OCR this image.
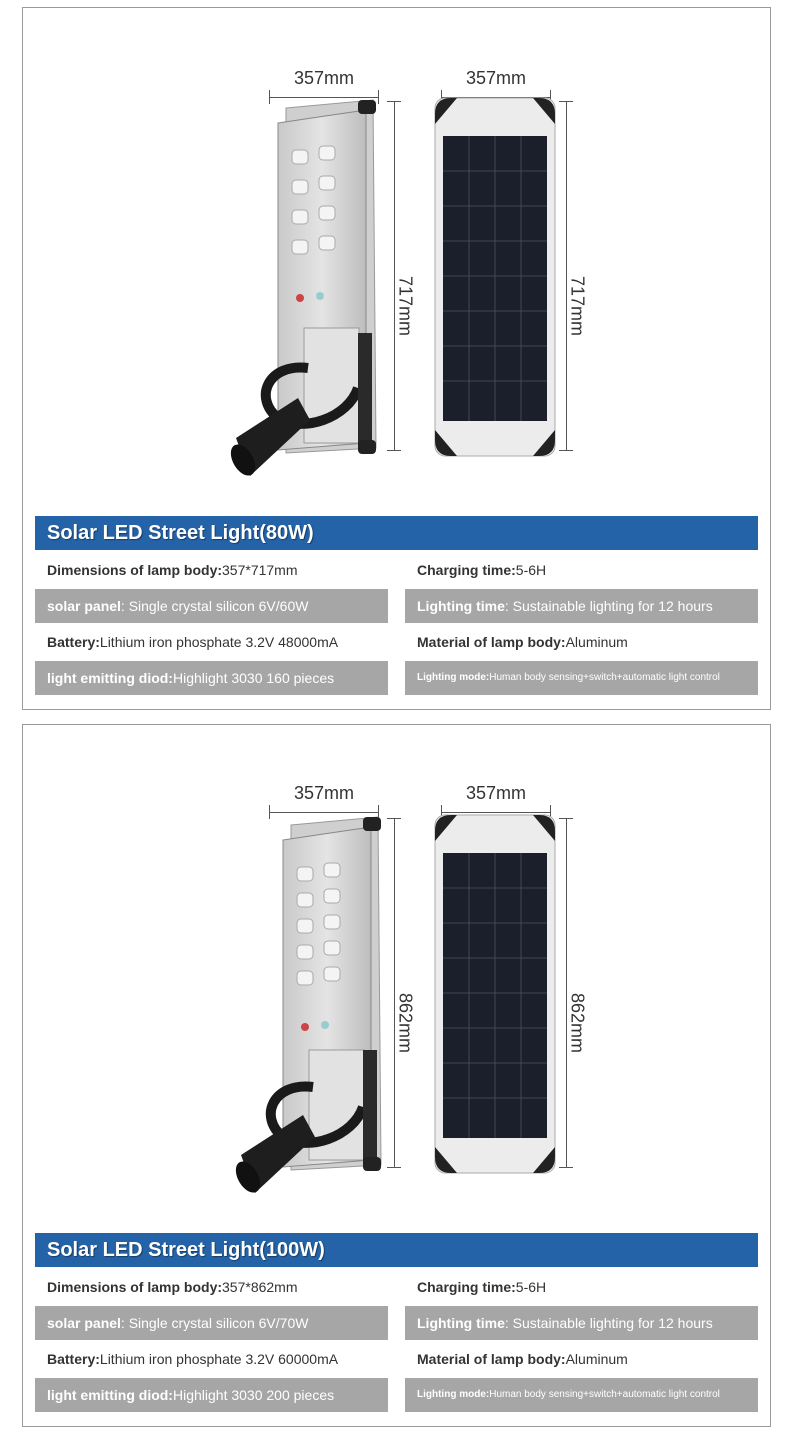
357mm	357mm
717mm	717mm
Solar LED Street Light(80W)
Dimensions of lamp body:357*717mm	Charging time:5-6H
solar panel: Single crystal silicon 6V/60W	Lighting time: Sustainable lighting for 12 hours
Battery:Lithium iron phosphate 3.2V 48000mA	Material of lamp body:Aluminum
light emitting diod:Highlight 3030 160 pieces	Lighting mode:Human body sensing+switch+automatic light control
357mm	357mm
862mm	862mm
Solar LED Street Light(100W)
Dimensions of lamp body:357*862mm	Charging time:5-6H
solar panel: Single crystal silicon 6V/70W	Lighting time: Sustainable lighting for 12 hours
Battery:Lithium iron phosphate 3.2V 60000mA	Material of lamp body:Aluminum
light emitting diod:Highlight 3030 200 pieces	Lighting mode:Human body sensing+switch+automatic light control
